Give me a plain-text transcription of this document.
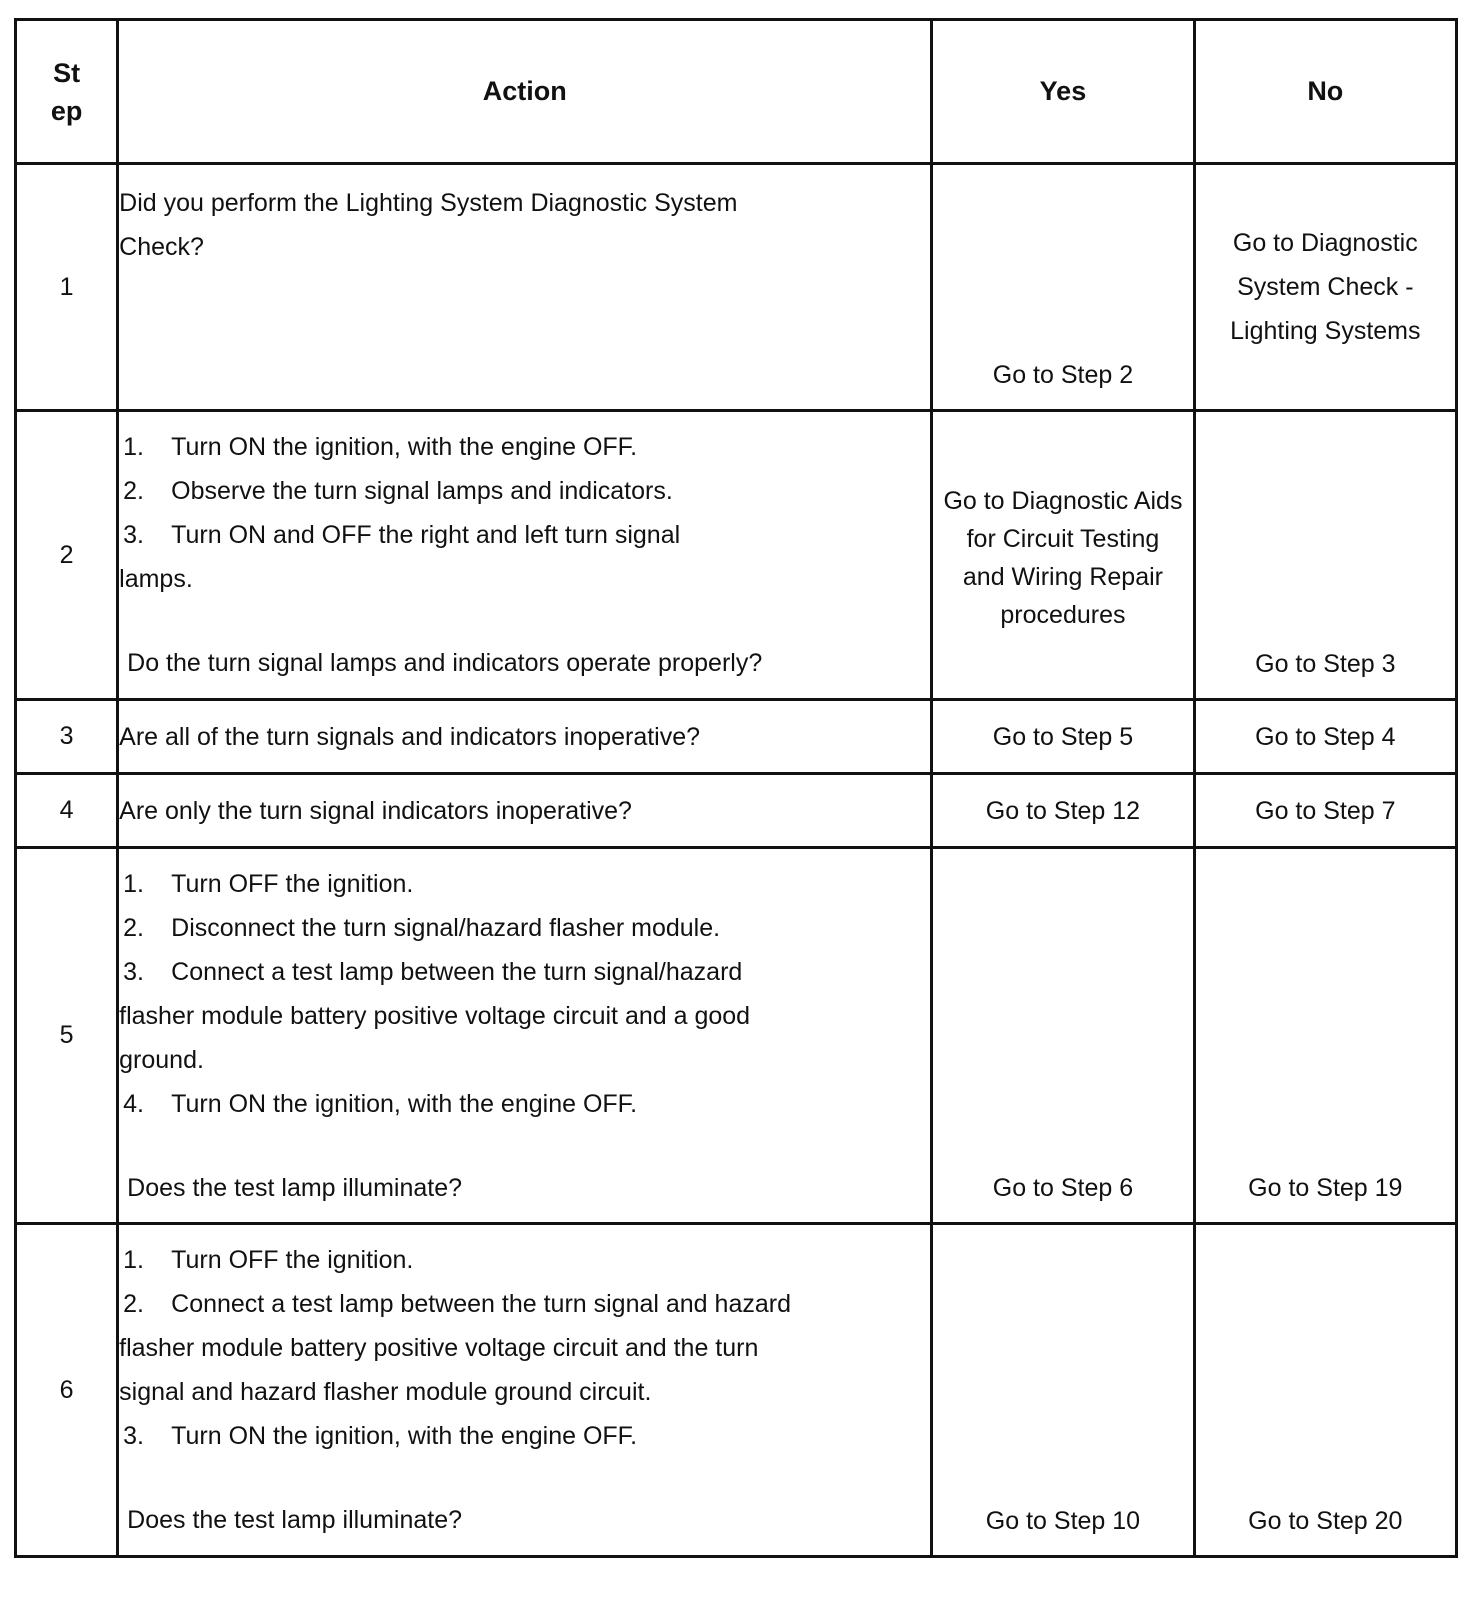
St
ep	Action	Yes	No
1	Did you perform the Lighting System Diagnostic System Check?	Go to Step 2	Go to Diagnostic System Check - Lighting Systems
2	1. Turn ON the ignition, with the engine OFF.
2. Observe the turn signal lamps and indicators.
3. Turn ON and OFF the right and left turn signal lamps.
Do the turn signal lamps and indicators operate properly?	Go to Diagnostic Aids for Circuit Testing and Wiring Repair procedures	Go to Step 3
3	Are all of the turn signals and indicators inoperative?	Go to Step 5	Go to Step 4
4	Are only the turn signal indicators inoperative?	Go to Step 12	Go to Step 7
5	1. Turn OFF the ignition.
2. Disconnect the turn signal/hazard flasher module.
3. Connect a test lamp between the turn signal/hazard flasher module battery positive voltage circuit and a good ground.
4. Turn ON the ignition, with the engine OFF.
Does the test lamp illuminate?	Go to Step 6	Go to Step 19
6	1. Turn OFF the ignition.
2. Connect a test lamp between the turn signal and hazard flasher module battery positive voltage circuit and the turn signal and hazard flasher module ground circuit.
3. Turn ON the ignition, with the engine OFF.
Does the test lamp illuminate?	Go to Step 10	Go to Step 20
